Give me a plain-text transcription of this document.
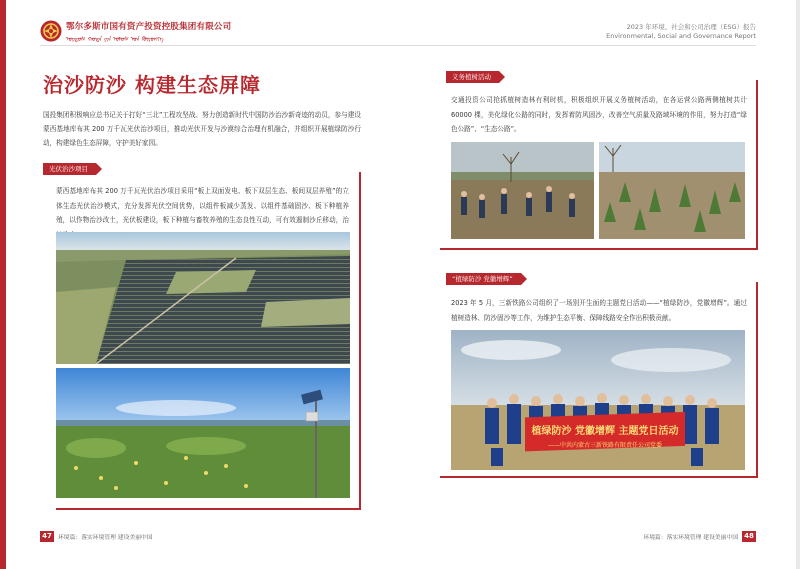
鄂尔多斯市国有资产投资控股集团有限公司
ᠣᠷᠳᠣᠰ ᠬᠣᠲᠠ ᠶᠢᠨ ᠤᠯᠤᠰ ᠤᠨ ᠬᠥᠷᠦᠩᠭᠡ
2023 年环境、社会和公司治理（ESG）报告
Environmental, Social and Governance Report
治沙防沙 构建生态屏障
国投集团积极响应总书记关于打好“三北”工程攻坚战、努力创造新时代中国防沙治沙新奇迹的动员，参与建设蒙西基地库布其 200 万千瓦光伏治沙项目，推动光伏开发与沙漠综合治理有机融合，并组织开展植绿防沙行动，构建绿色生态屏障，守护美好家园。
光伏治沙项目
蒙西基地库布其 200 万千瓦光伏治沙项目采用“板上双面发电、板下双层生态、板间双层养殖”的立体生态光伏治沙模式，充分发挥光伏空间优势，以组件板减少蒸发、以组件基础固沙、板下种植养殖，以作物治沙改土，光伏板建设，板下种植与畜牧养殖的生态良性互动，可有效遏制沙丘移动，治
义务植树活动
交通投资公司抢抓植树造林有利时机，积极组织开展义务植树活动，在各运营公路两侧植树共计 60000 棵，美化绿化公路的同时，发挥着防风固沙，改善空气质量及路域环境的作用，努力打造“绿色公路”、“生态公路”。
“植绿防沙 党徽增辉”
2023 年 5 月，三新铁路公司组织了一场别开生面的主题党日活动——“植绿防沙，党徽增辉”。通过植树造林、防沙固沙等工作，为维护生态平衡、保障线路安全作出积极贡献。
植绿防沙 党徽增辉 主题党日活动
——中共内蒙古三新铁路有限责任公司党委
47	环境篇：落实环境管理 建设美丽中国	环境篇：落实环境管理 建设美丽中国 48
